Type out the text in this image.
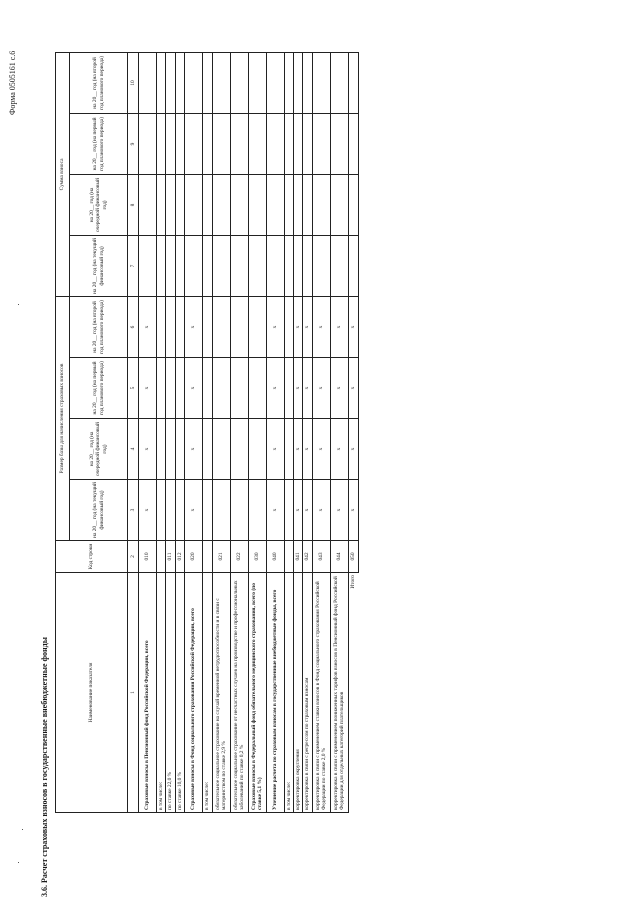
Форма 0505161 с.6
3.6. Расчет страховых взносов в государственные внебюджетные фонды	Наименование показателя	Код строки	Размер базы для начисления страховых взносов				Сумма взноса			
		на 20__ год (на текущий финансовый год)	на 20__ год (на очередной финансовый год)	на 20__ год (на первый год планового периода)	на 20__ год (на второй год планового периода)	на 20__ год (на текущий финансовый год)	на 20__ год (на очередной финансовый год)	на 20__ год (на первый год планового периода)	на 20__ год (на второй год планового периода)
1	2	3	4	5	6	7	8	9	10
Страховые взносы в Пенсионный фонд Российской Федерации, всего	010	x	x	x	x				
в том числе:									
по ставке 22,0 %	011								
по ставке 10,0 %	012								
Страховые взносы в Фонд социального страхования Российской Федерации, всего	020	x	x	x	x				
в том числе:									
обязательное социальное страхование на случай временной нетрудоспособности и в связи с материнством по ставке 2,9 %	021								
обязательное социальное страхование от несчастных случаев на производстве и профессиональных заболеваний по ставке 0,2 %	022								
Страховые взносы в Федеральный фонд обязательного медицинского страхования, всего (по ставке 5,1 %)	030								
Уточнение расчета по страховым взносам в государственные внебюджетные фонды, всего	040	x	x	x	x				
в том числе:									
корректировка округления	041	x	x	x	x				
корректировка в связи с регрессом по страховым взносам	042	x	x	x	x				
корректировка в связи с применением ставки взносов в Фонд социального страхования Российской Федерации по ставке 2,0 %	043	x	x	x	x				
корректировка в связи с применением пониженных тарифов взносов в Пенсионный фонд Российской Федерации для отдельных категорий плательщиков	044	x	x	x	x				
Итого	050	x	x	x	x				
